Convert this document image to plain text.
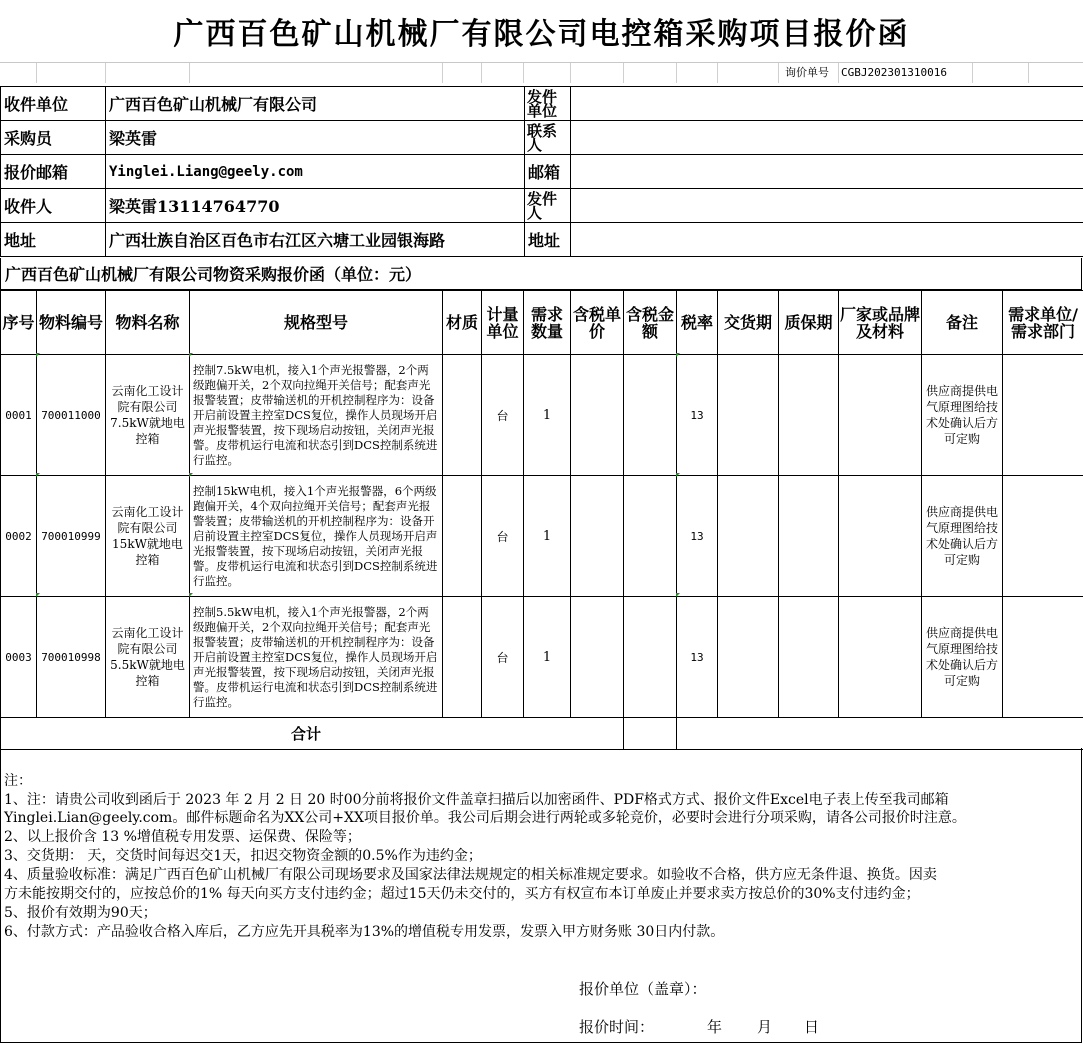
广西百色矿山机械厂有限公司电控箱采购项目报价函
询价单号 CGBJ202301310016
收件单位	广西百色矿山机械厂有限公司	发件单位	
采购员	梁英雷	联系人	
报价邮箱	Yinglei.Liang@geely.com	邮箱	
收件人	梁英雷13114764770	发件人	
地址	广西壮族自治区百色市右江区六塘工业园银海路	地址	
广西百色矿山机械厂有限公司物资采购报价函（单位：元）
序号	物料编号	物料名称	规格型号	材质	计量单位	需求数量	含税单价	含税金额	税率	交货期	质保期	厂家或品牌及材料	备注	需求单位/需求部门
0001	700011000	云南化工设计院有限公司7.5kW就地电控箱	控制7.5kW电机，接入1个声光报警器，2个两级跑偏开关，2个双向拉绳开关信号；配套声光报警装置；皮带输送机的开机控制程序为：设备开启前设置主控室DCS复位，操作人员现场开启声光报警装置，按下现场启动按钮，关闭声光报警。皮带机运行电流和状态引到DCS控制系统进行监控。		台	1			13				供应商提供电气原理图给技术处确认后方可定购	
0002	700010999	云南化工设计院有限公司15kW就地电控箱	控制15kW电机，接入1个声光报警器，6个两级跑偏开关，4个双向拉绳开关信号；配套声光报警装置；皮带输送机的开机控制程序为：设备开启前设置主控室DCS复位，操作人员现场开启声光报警装置，按下现场启动按钮，关闭声光报警。皮带机运行电流和状态引到DCS控制系统进行监控。		台	1			13				供应商提供电气原理图给技术处确认后方可定购	
0003	700010998	云南化工设计院有限公司5.5kW就地电控箱	控制5.5kW电机，接入1个声光报警器，2个两级跑偏开关，2个双向拉绳开关信号；配套声光报警装置；皮带输送机的开机控制程序为：设备开启前设置主控室DCS复位，操作人员现场开启声光报警装置，按下现场启动按钮，关闭声光报警。皮带机运行电流和状态引到DCS控制系统进行监控。		台	1			13				供应商提供电气原理图给技术处确认后方可定购	
合计														
注：
1、注：请贵公司收到函后于 2023 年 2 月 2 日 20 时00分前将报价文件盖章扫描后以加密函件、PDF格式方式、报价文件Excel电子表上传至我司邮箱
Yinglei.Lian@geely.com。邮件标题命名为XX公司+XX项目报价单。我公司后期会进行两轮或多轮竞价，必要时会进行分项采购，请各公司报价时注意。
2、以上报价含 13 %增值税专用发票、运保费、保险等；
3、交货期： 天，交货时间每迟交1天，扣迟交物资金额的0.5%作为违约金；
4、质量验收标准：满足广西百色矿山机械厂有限公司现场要求及国家法律法规规定的相关标准规定要求。如验收不合格，供方应无条件退、换货。因卖
方未能按期交付的，应按总价的1% 每天向买方支付违约金；超过15天仍未交付的，买方有权宣布本订单废止并要求卖方按总价的30%支付违约金；
5、报价有效期为90天；
6、付款方式：产品验收合格入库后，乙方应先开具税率为13%的增值税专用发票，发票入甲方财务账 30日内付款。
报价单位（盖章）：
报价时间：	年 月 日
